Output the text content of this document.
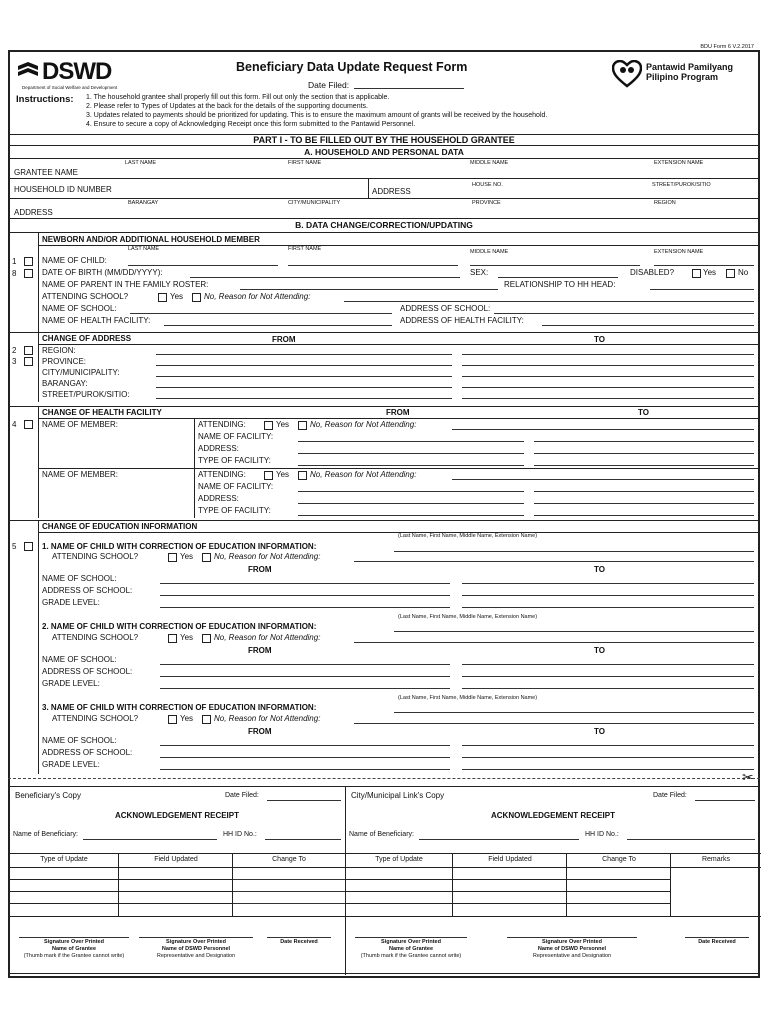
BDU Form 6 V.2.2017
DSWD
Department of Social Welfare and Development
Beneficiary Data Update Request Form
Date Filed:
Pantawid Pamilyang
Pilipino Program
Instructions: 1. The household grantee shall properly fill out this form. Fill out only the section that is applicable.
2. Please refer to Types of Updates at the back for the details of the supporting documents.
3. Updates related to payments should be prioritized for updating. This is to ensure the maximum amount of grants will be received by the household.
4. Ensure to secure a copy of Acknowledging Receipt once this form submitted to the Pantawid Personnel.
PART I - TO BE FILLED OUT BY THE HOUSEHOLD GRANTEE
A. HOUSEHOLD AND PERSONAL DATA
LAST NAME	FIRST NAME	MIDDLE NAME	EXTENSION NAME
GRANTEE NAME
HOUSEHOLD ID NUMBER	ADDRESS
HOUSE NO.	STREET/PUROK/SITIO
BARANGAY	CITY/MUNICIPALITY	PROVINCE	REGION
ADDRESS
B. DATA CHANGE/CORRECTION/UPDATING
NEWBORN AND/OR ADDITIONAL HOUSEHOLD MEMBER
LAST NAME	FIRST NAME	MIDDLE NAME	EXTENSION NAME
1	NAME OF CHILD:
8	DATE OF BIRTH (MM/DD/YYYY):	SEX:	DISABLED?	Yes	No
NAME OF PARENT IN THE FAMILY ROSTER:	RELATIONSHIP TO HH HEAD:
ATTENDING SCHOOL?	Yes	No, Reason for Not Attending:
NAME OF SCHOOL:	ADDRESS OF SCHOOL:
NAME OF HEALTH FACILITY:	ADDRESS OF HEALTH FACILITY:
CHANGE OF ADDRESS	FROM	TO
2	REGION:
3	PROVINCE:
CITY/MUNICIPALITY:
BARANGAY:
STREET/PUROK/SITIO:
CHANGE OF HEALTH FACILITY	FROM	TO
4	NAME OF MEMBER:	ATTENDING:	Yes	No, Reason for Not Attending:
NAME OF FACILITY:
ADDRESS:
TYPE OF FACILITY:
NAME OF MEMBER:	ATTENDING:	Yes	No, Reason for Not Attending:
NAME OF FACILITY:
ADDRESS:
TYPE OF FACILITY:
CHANGE OF EDUCATION INFORMATION
5
(Last Name, First Name, Middle Name, Extension Name)
1. NAME OF CHILD WITH CORRECTION OF EDUCATION INFORMATION:
ATTENDING SCHOOL?	Yes	No, Reason for Not Attending:
FROM	TO
NAME OF SCHOOL:
ADDRESS OF SCHOOL:
GRADE LEVEL:
(Last Name, First Name, Middle Name, Extension Name)
2. NAME OF CHILD WITH CORRECTION OF EDUCATION INFORMATION:
ATTENDING SCHOOL?	Yes	No, Reason for Not Attending:
FROM	TO
NAME OF SCHOOL:
ADDRESS OF SCHOOL:
GRADE LEVEL:
(Last Name, First Name, Middle Name, Extension Name)
3. NAME OF CHILD WITH CORRECTION OF EDUCATION INFORMATION:
ATTENDING SCHOOL?	Yes	No, Reason for Not Attending:
FROM	TO
NAME OF SCHOOL:
ADDRESS OF SCHOOL:
GRADE LEVEL:
✂
Beneficiary's Copy	Date Filed:
ACKNOWLEDGEMENT RECEIPT
Name of Beneficiary:	HH ID No.:
Type of Update	Field Updated	Change To
Signature Over Printed
Name of Grantee
(Thumb mark if the Grantee cannot write)
Signature Over Printed
Name of DSWD Personnel
Representative and Designation
Date Received
City/Municipal Link's Copy	Date Filed:
ACKNOWLEDGEMENT RECEIPT
Name of Beneficiary:	HH ID No.:
Type of Update	Field Updated	Change To	Remarks
Signature Over Printed
Name of Grantee
(Thumb mark if the Grantee cannot write)
Signature Over Printed
Name of DSWD Personnel
Representative and Designation
Date Received
